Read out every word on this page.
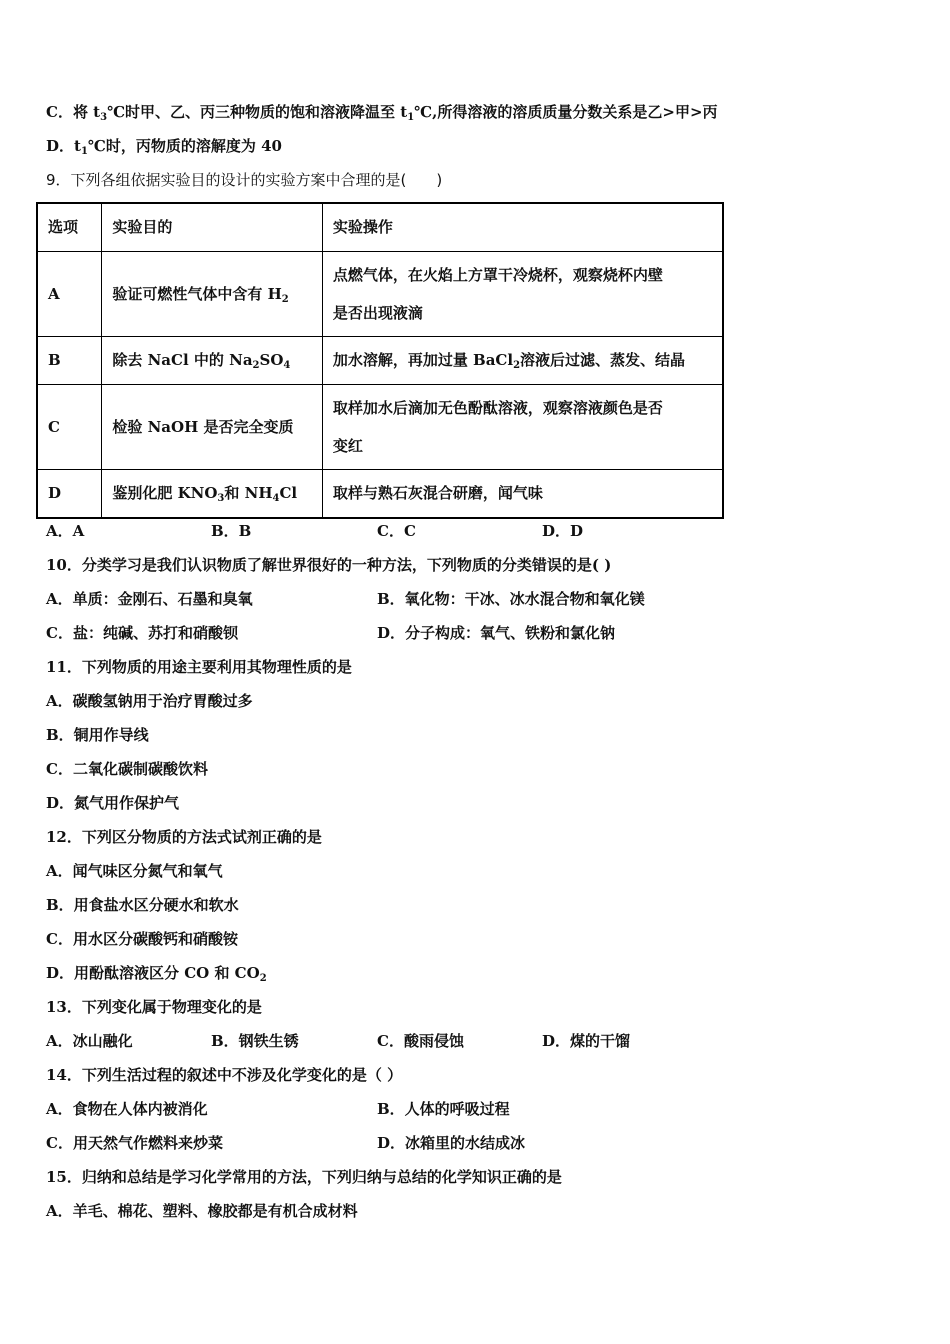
C．将 $t_3℃$时甲、乙、丙三种物质的饱和溶液降温至 $t_1℃$,所得溶液的溶质质量分数关系是乙>甲>丙
D．$t_1℃$时，丙物质的溶解度为 40
9．下列各组依据实验目的设计的实验方案中合理的是(　　)
选项	实验目的	实验操作
A	验证可燃性气体中含有 $H_2$	点燃气体，在火焰上方罩干冷烧杯，观察烧杯内壁
是否出现液滴
B	除去 NaCl 中的 $Na_2SO_4$	加水溶解，再加过量 BaCl$_2$溶液后过滤、蒸发、结晶
C	检验 NaOH 是否完全变质	取样加水后滴加无色酚酞溶液，观察溶液颜色是否
变红
D	鉴别化肥 $KNO_3$和 $NH_4Cl$	取样与熟石灰混合研磨，闻气味
A．A	B．B	C．C	D．D
10．分类学习是我们认识物质了解世界很好的一种方法，下列物质的分类错误的是( )
A．单质：金刚石、石墨和臭氧	B．氧化物：干冰、冰水混合物和氧化镁
C．盐：纯碱、苏打和硝酸钡	D．分子构成：氧气、铁粉和氯化钠
11．下列物质的用途主要利用其物理性质的是
A．碳酸氢钠用于治疗胃酸过多
B．铜用作导线
C．二氧化碳制碳酸饮料
D．氮气用作保护气
12．下列区分物质的方法式试剂正确的是
A．闻气味区分氮气和氧气
B．用食盐水区分硬水和软水
C．用水区分碳酸钙和硝酸铵
D．用酚酞溶液区分 CO 和 $CO_2$
13．下列变化属于物理变化的是
A．冰山融化	B．钢铁生锈	C．酸雨侵蚀	D．煤的干馏
14．下列生活过程的叙述中不涉及化学变化的是（ ）
A．食物在人体内被消化	B．人体的呼吸过程
C．用天然气作燃料来炒菜	D．冰箱里的水结成冰
15．归纳和总结是学习化学常用的方法，下列归纳与总结的化学知识正确的是
A．羊毛、棉花、塑料、橡胶都是有机合成材料
